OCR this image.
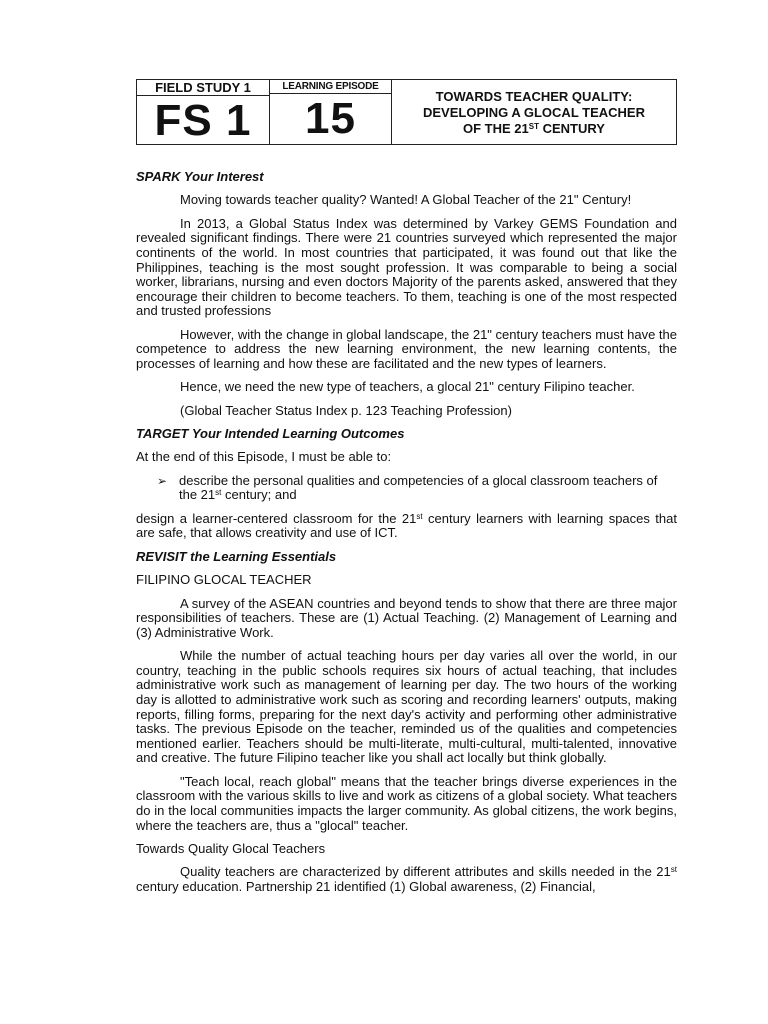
FIELD STUDY 1
FS 1
LEARNING EPISODE
15	TOWARDS TEACHER QUALITY:
DEVELOPING A GLOCAL TEACHER
OF THE 21ST CENTURY

SPARK Your Interest

Moving towards teacher quality? Wanted! A Global Teacher of the 21" Century!

In 2013, a Global Status Index was determined by Varkey GEMS Foundation and revealed significant findings. There were 21 countries surveyed which represented the major continents of the world. In most countries that participated, it was found out that like the Philippines, teaching is the most sought profession. It was comparable to being a social worker, librarians, nursing and even doctors Majority of the parents asked, answered that they encourage their children to become teachers. To them, teaching is one of the most respected and trusted professions

However, with the change in global landscape, the 21" century teachers must have the competence to address the new learning environment, the new learning contents, the processes of learning and how these are facilitated and the new types of learners.

Hence, we need the new type of teachers, a glocal 21" century Filipino teacher.

(Global Teacher Status Index p. 123 Teaching Profession)

TARGET Your Intended Learning Outcomes

At the end of this Episode, I must be able to:

➢ describe the personal qualities and competencies of a glocal classroom teachers of the 21st century; and

design a learner-centered classroom for the 21st century learners with learning spaces that are safe, that allows creativity and use of ICT.

REVISIT the Learning Essentials

FILIPINO GLOCAL TEACHER

A survey of the ASEAN countries and beyond tends to show that there are three major responsibilities of teachers. These are (1) Actual Teaching. (2) Management of Learning and (3) Administrative Work.

While the number of actual teaching hours per day varies all over the world, in our country, teaching in the public schools requires six hours of actual teaching, that includes administrative work such as management of learning per day. The two hours of the working day is allotted to administrative work such as scoring and recording learners' outputs, making reports, filling forms, preparing for the next day's activity and performing other administrative tasks. The previous Episode on the teacher, reminded us of the qualities and competencies mentioned earlier. Teachers should be multi-literate, multi-cultural, multi-talented, innovative and creative. The future Filipino teacher like you shall act locally but think globally.

"Teach local, reach global" means that the teacher brings diverse experiences in the classroom with the various skills to live and work as citizens of a global society. What teachers do in the local communities impacts the larger community. As global citizens, the work begins, where the teachers are, thus a "glocal" teacher.

Towards Quality Glocal Teachers

Quality teachers are characterized by different attributes and skills needed in the 21st century education. Partnership 21 identified (1) Global awareness, (2) Financial,
